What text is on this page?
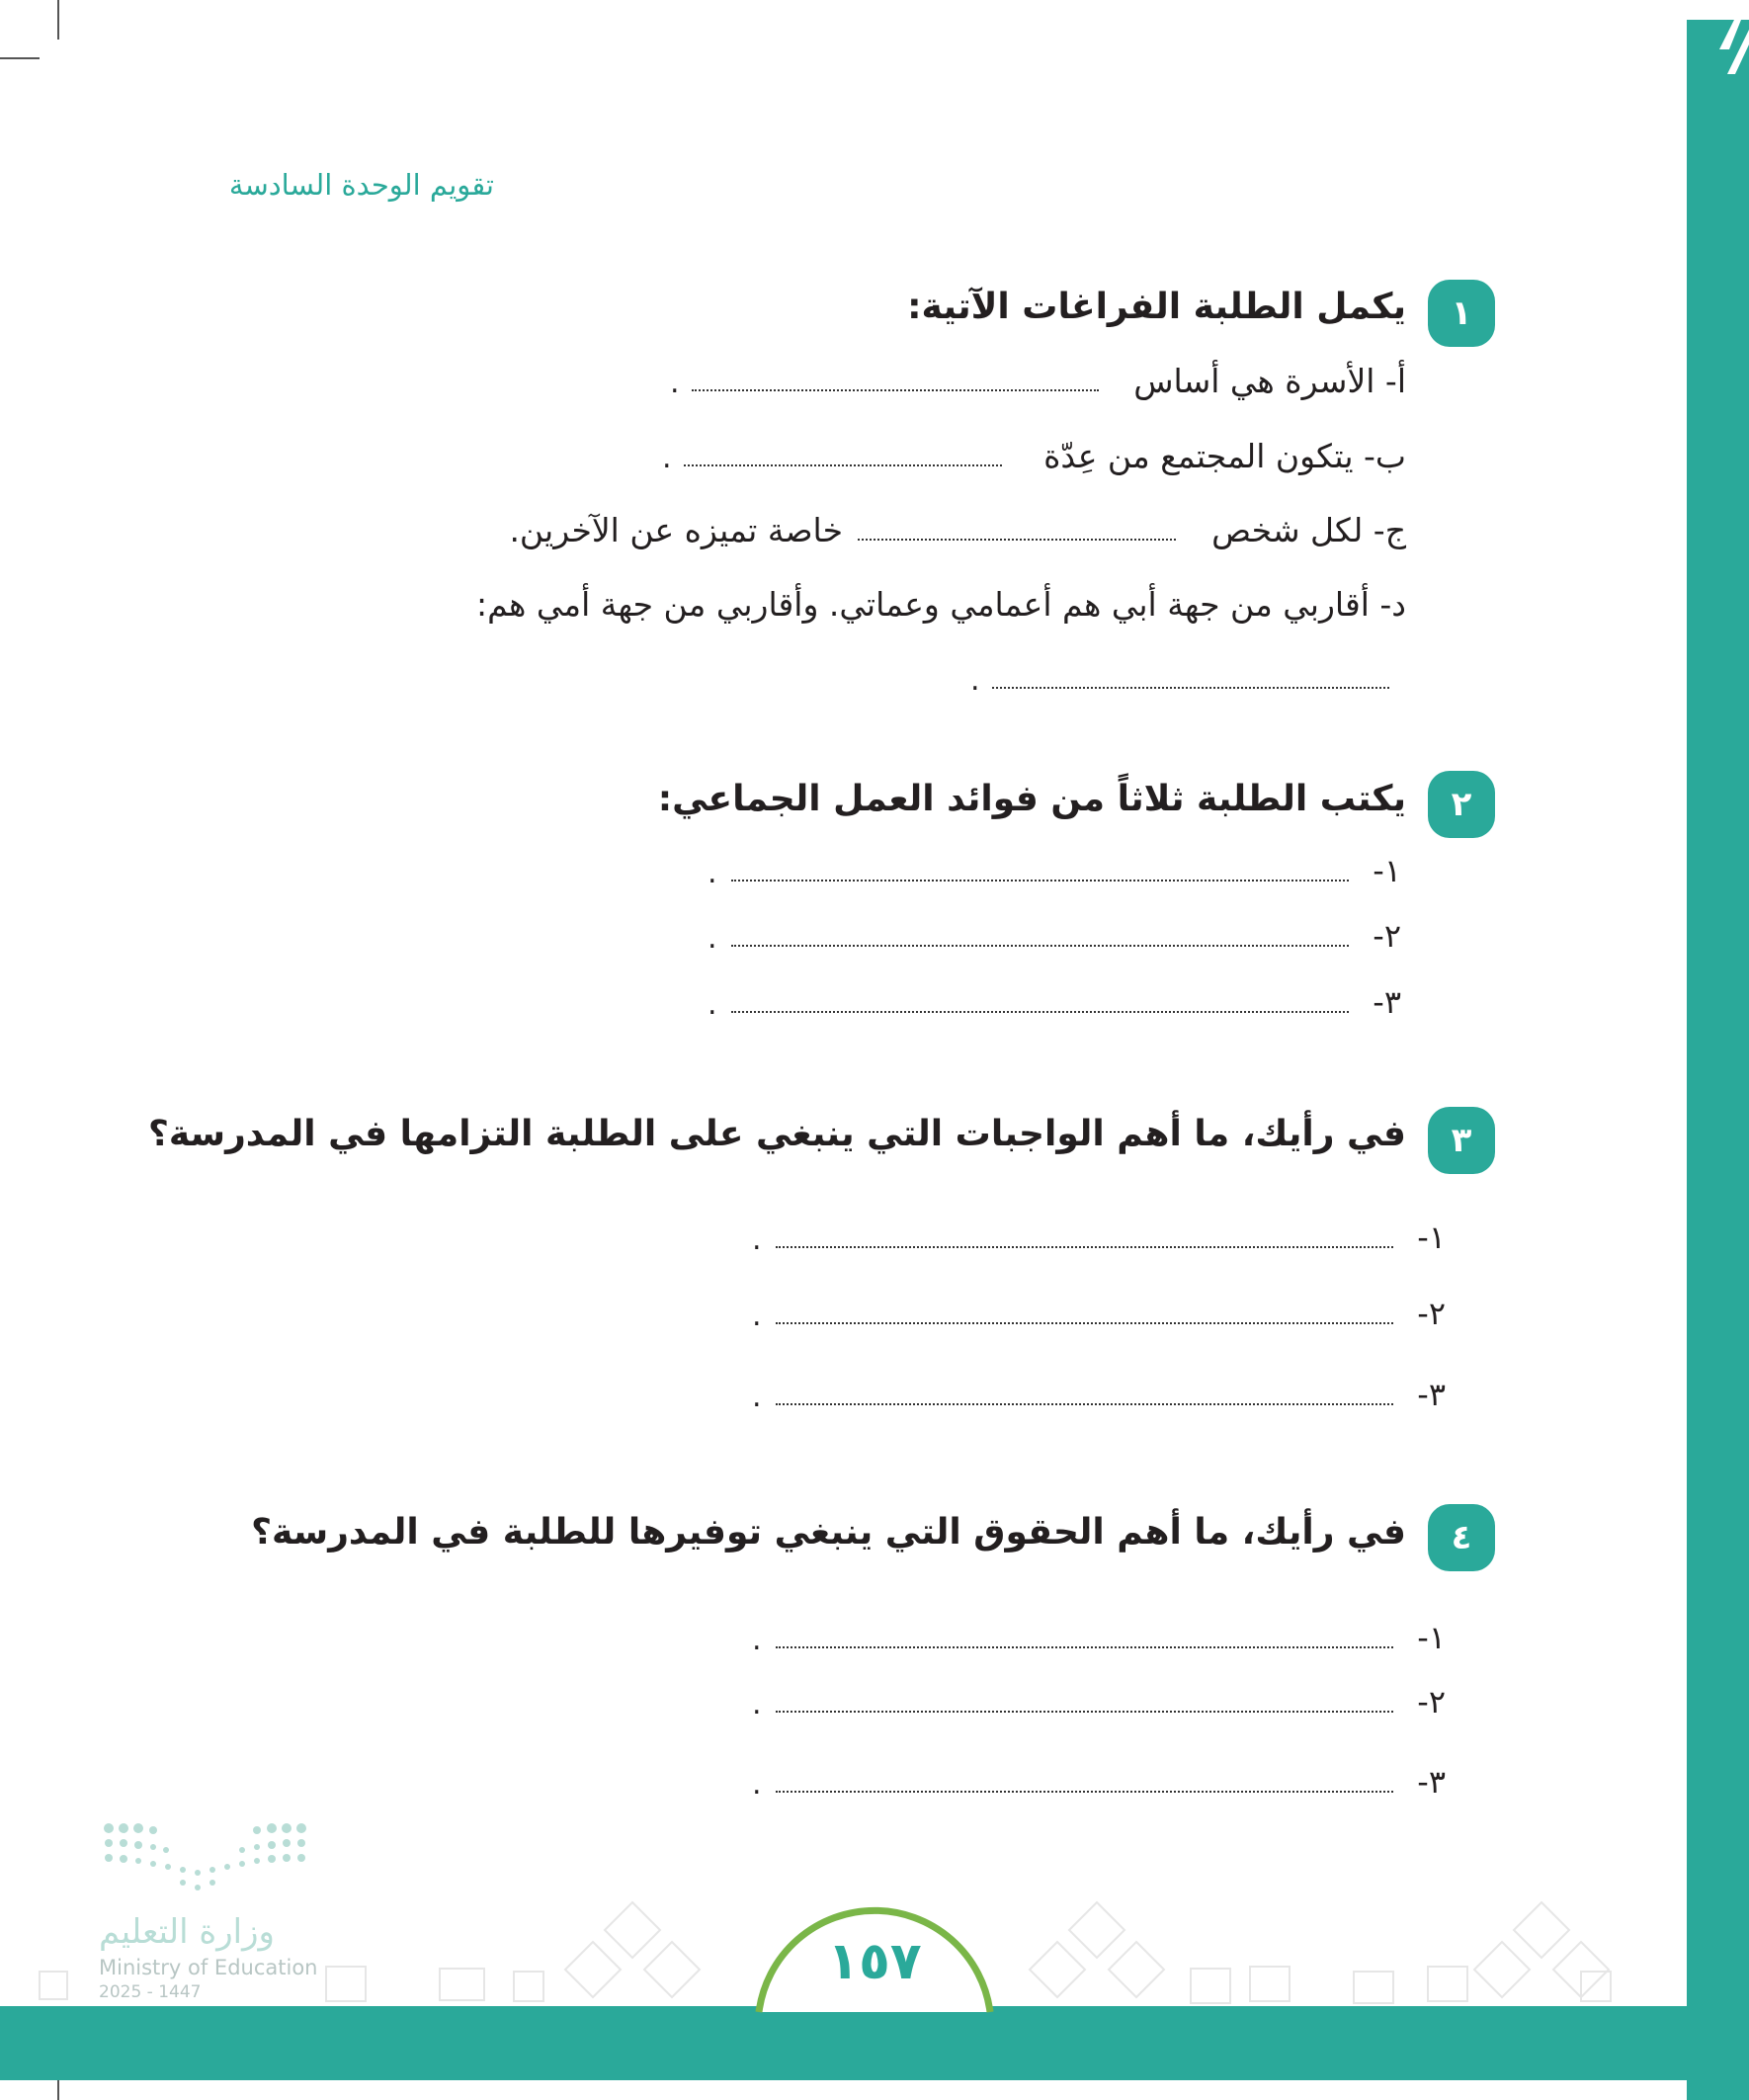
تقويم الوحدة السادسة
١
يكمل الطلبة الفراغات الآتية:
أ- الأسرة هي أساس
.
ب- يتكون المجتمع من عِدّة
.
ج- لكل شخص
خاصة تميزه عن الآخرين.
د- أقاربي من جهة أبي هم أعمامي وعماتي. وأقاربي من جهة أمي هم:
.
٢
يكتب الطلبة ثلاثاً من فوائد العمل الجماعي:
١-
.
٢-
.
٣-
.
٣
في رأيك، ما أهم الواجبات التي ينبغي على الطلبة التزامها في المدرسة؟
١-
.
٢-
.
٣-
.
٤
في رأيك، ما أهم الحقوق التي ينبغي توفيرها للطلبة في المدرسة؟
١-
.
٢-
.
٣-
.
١٥٧
وزارة التعليم
Ministry of Education
2025 - 1447
